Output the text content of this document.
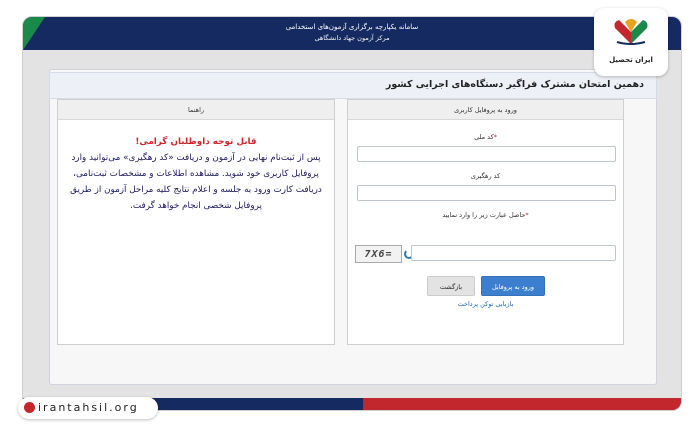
سامانه یکپارچه برگزاری آزمون‌های استخدامی
مرکز آزمون جهاد دانشگاهی
دهمین امتحان مشترک فراگیر دستگاه‌های اجرایی کشور
راهنما
قابل توجه داوطلبان گرامی!
پس از ثبت‌نام نهایی در آزمون و دریافت «کد رهگیری» می‌توانید وارد پروفایل کاربری خود شوید. مشاهده اطلاعات و مشخصات ثبت‌نامی، دریافت کارت ورود به جلسه و اعلام نتایج کلیه مراحل آزمون از طریق پروفایل شخصی انجام خواهد گرفت.
ورود به پروفایل کاربری
*کد ملی
کد رهگیری
*حاصل عبارت زیر را وارد نمایید
7X6=
بازگشت	ورود به پروفایل
بازیابی توکن پرداخت
ایران تحصیل
irantahsil.org
